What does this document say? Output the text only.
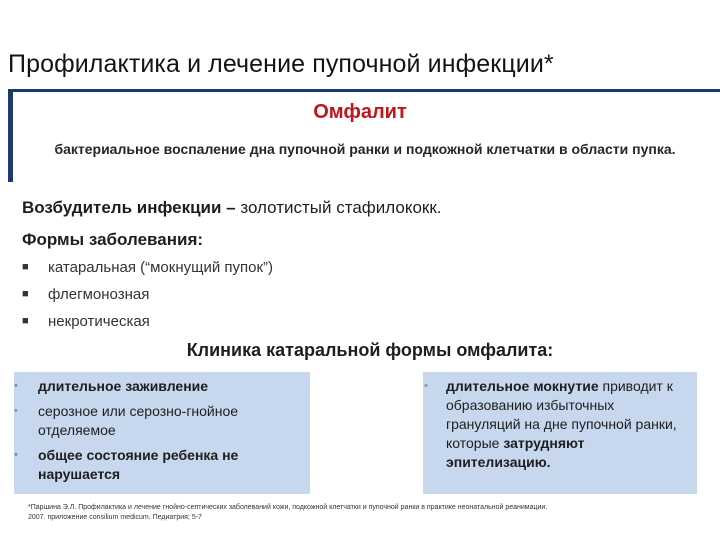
Профилактика и лечение пупочной инфекции*
Омфалит
бактериальное воспаление дна пупочной ранки и подкожной клетчатки в области пупка.
Возбудитель инфекции – золотистый стафилококк.
Формы заболевания:
■ катаральная (“мокнущий пупок”)
■ флегмонозная
■ некротическая
Клиника катаральной формы омфалита:
• длительное заживление
• серозное или серозно-гнойное отделяемое
• общее состояние ребенка не нарушается
• длительное мокнутие приводит к образованию избыточных грануляций на дне пупочной ранки, которые затрудняют эпителизацию.
*Паршина Э.Л. Профилактика и лечение гнойно-септических заболеваний кожи, подкожной клетчатки и пупочной ранки в практике неонатальной реанимации. 2007. приложение consilium medicum. Педиатрия; 5-7
